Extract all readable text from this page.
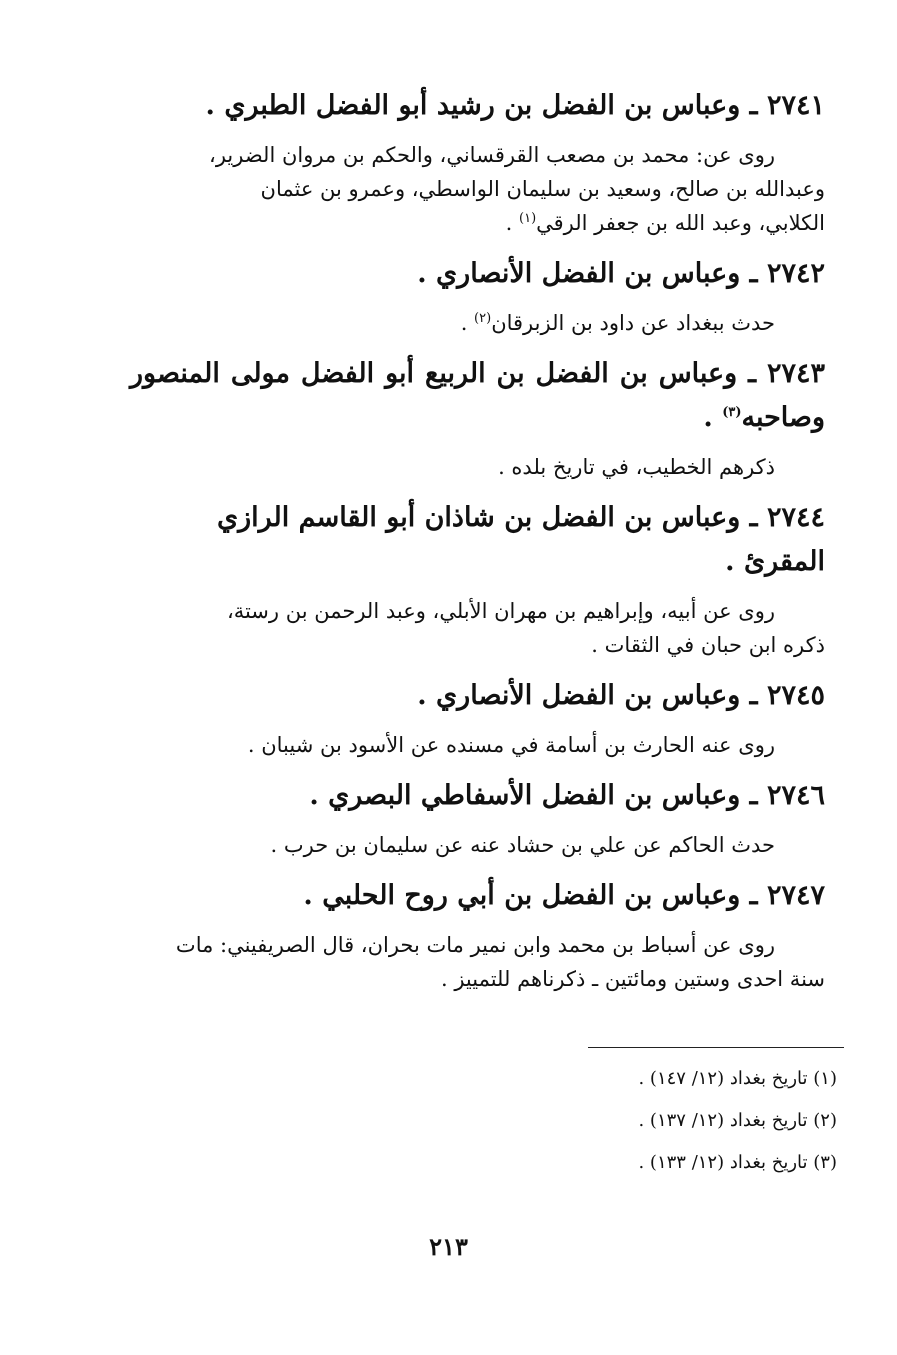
٢٧٤١ ـ وعباس بن الفضل بن رشيد أبو الفضل الطبري .
روى عن: محمد بن مصعب القرقساني، والحكم بن مروان الضرير،
وعبدالله بن صالح، وسعيد بن سليمان الواسطي، وعمرو بن عثمان
الكلابي، وعبد الله بن جعفر الرقي$^{(١)}$ .
٢٧٤٢ ـ وعباس بن الفضل الأنصاري .
حدث ببغداد عن داود بن الزبرقان$^{(٢)}$ .
٢٧٤٣ ـ وعباس بن الفضل بن الربيع أبو الفضل مولى المنصور
وصاحبه$^{(٣)}$ .
ذكرهم الخطيب، في تاريخ بلده .
٢٧٤٤ ـ وعباس بن الفضل بن شاذان أبو القاسم الرازي المقرئ .
روى عن أبيه، وإبراهيم بن مهران الأبلي، وعبد الرحمن بن رستة،
ذكره ابن حبان في الثقات .
٢٧٤٥ ـ وعباس بن الفضل الأنصاري .
روى عنه الحارث بن أسامة في مسنده عن الأسود بن شيبان .
٢٧٤٦ ـ وعباس بن الفضل الأسفاطي البصري .
حدث الحاكم عن علي بن حشاد عنه عن سليمان بن حرب .
٢٧٤٧ ـ وعباس بن الفضل بن أبي روح الحلبي .
روى عن أسباط بن محمد وابن نمير مات بحران، قال الصريفيني: مات
سنة احدى وستين ومائتين ـ ذكرناهم للتمييز .
(١) تاريخ بغداد (١٢/ ١٤٧) .
(٢) تاريخ بغداد (١٢/ ١٣٧) .
(٣) تاريخ بغداد (١٢/ ١٣٣) .
٢١٣
